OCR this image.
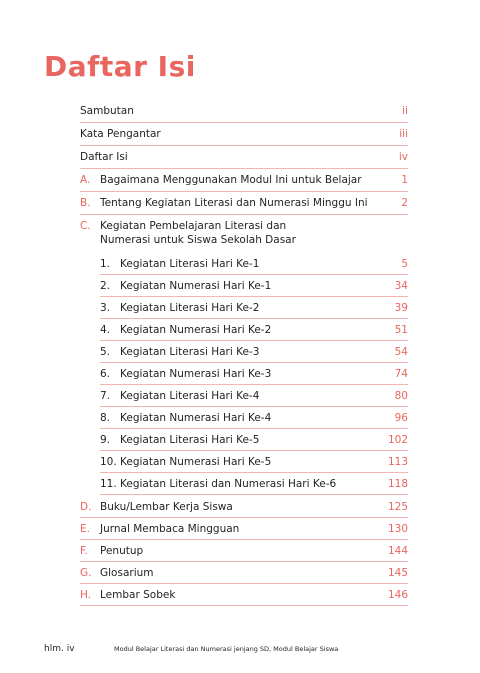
Daftar Isi
Sambutan	ii
Kata Pengantar	iii
Daftar Isi	iv
A. Bagaimana Menggunakan Modul Ini untuk Belajar	1
B. Tentang Kegiatan Literasi dan Numerasi Minggu Ini	2
C. Kegiatan Pembelajaran Literasi dan Numerasi untuk Siswa Sekolah Dasar
1. Kegiatan Literasi Hari Ke-1	5
2. Kegiatan Numerasi Hari Ke-1	34
3. Kegiatan Literasi Hari Ke-2	39
4. Kegiatan Numerasi Hari Ke-2	51
5. Kegiatan Literasi Hari Ke-3	54
6. Kegiatan Numerasi Hari Ke-3	74
7. Kegiatan Literasi Hari Ke-4	80
8. Kegiatan Numerasi Hari Ke-4	96
9. Kegiatan Literasi Hari Ke-5	102
10. Kegiatan Numerasi Hari Ke-5	113
11. Kegiatan Literasi dan Numerasi Hari Ke-6	118
D. Buku/Lembar Kerja Siswa	125
E. Jurnal Membaca Mingguan	130
F.	Penutup	144
G. Glosarium	145
H. Lembar Sobek	146
hlm. iv	Modul Belajar Literasi dan Numerasi jenjang SD, Modul Belajar Siswa
